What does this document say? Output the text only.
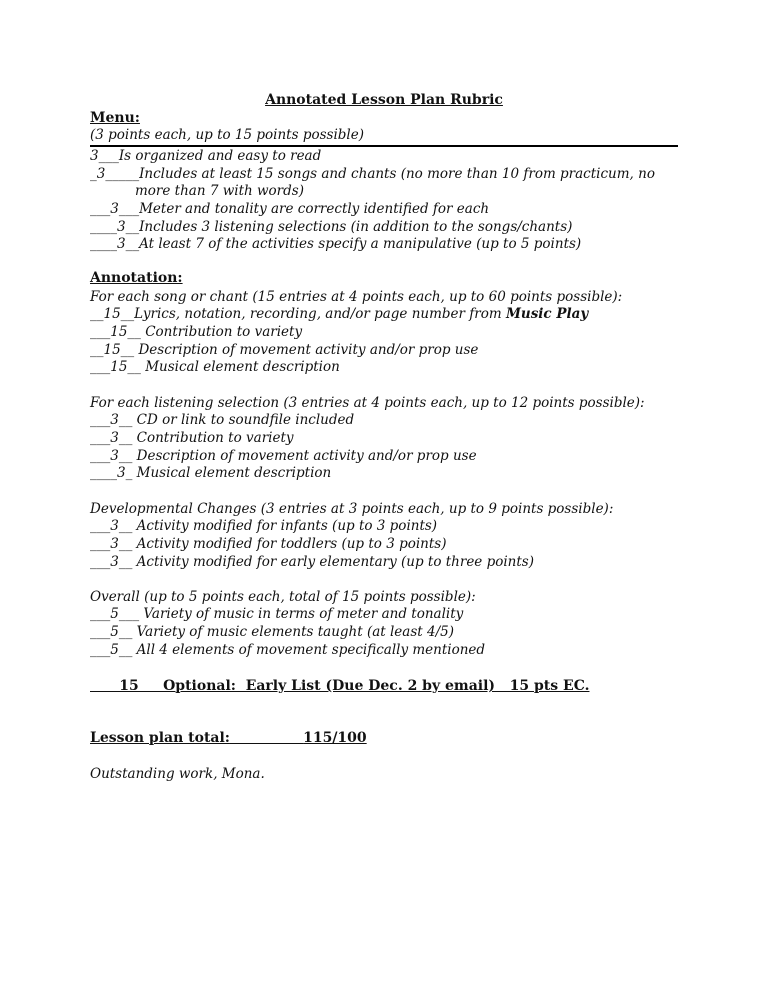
Annotated Lesson Plan Rubric
Menu:
(3 points each, up to 15 points possible)
3___Is organized and easy to read
_3_____Includes at least 15 songs and chants (no more than 10 from practicum, no
more than 7 with words)
___3___Meter and tonality are correctly identified for each
____3__Includes 3 listening selections (in addition to the songs/chants)
____3__At least 7 of the activities specify a manipulative (up to 5 points)
Annotation:
For each song or chant (15 entries at 4 points each, up to 60 points possible):
__15__Lyrics, notation, recording, and/or page number from Music Play
___15__ Contribution to variety
__15__ Description of movement activity and/or prop use
___15__ Musical element description
For each listening selection (3 entries at 4 points each, up to 12 points possible):
___3__ CD or link to soundfile included
___3__ Contribution to variety
___3__ Description of movement activity and/or prop use
____3_ Musical element description
Developmental Changes (3 entries at 3 points each, up to 9 points possible):
___3__ Activity modified for infants (up to 3 points)
___3__ Activity modified for toddlers (up to 3 points)
___3__ Activity modified for early elementary (up to three points)
Overall (up to 5 points each, total of 15 points possible):
___5___ Variety of music in terms of meter and tonality
___5__ Variety of music elements taught (at least 4/5)
___5__ All 4 elements of movement specifically mentioned
15     Optional:  Early List (Due Dec. 2 by email)   15 pts EC.
Lesson plan total:	115/100
Outstanding work, Mona.
